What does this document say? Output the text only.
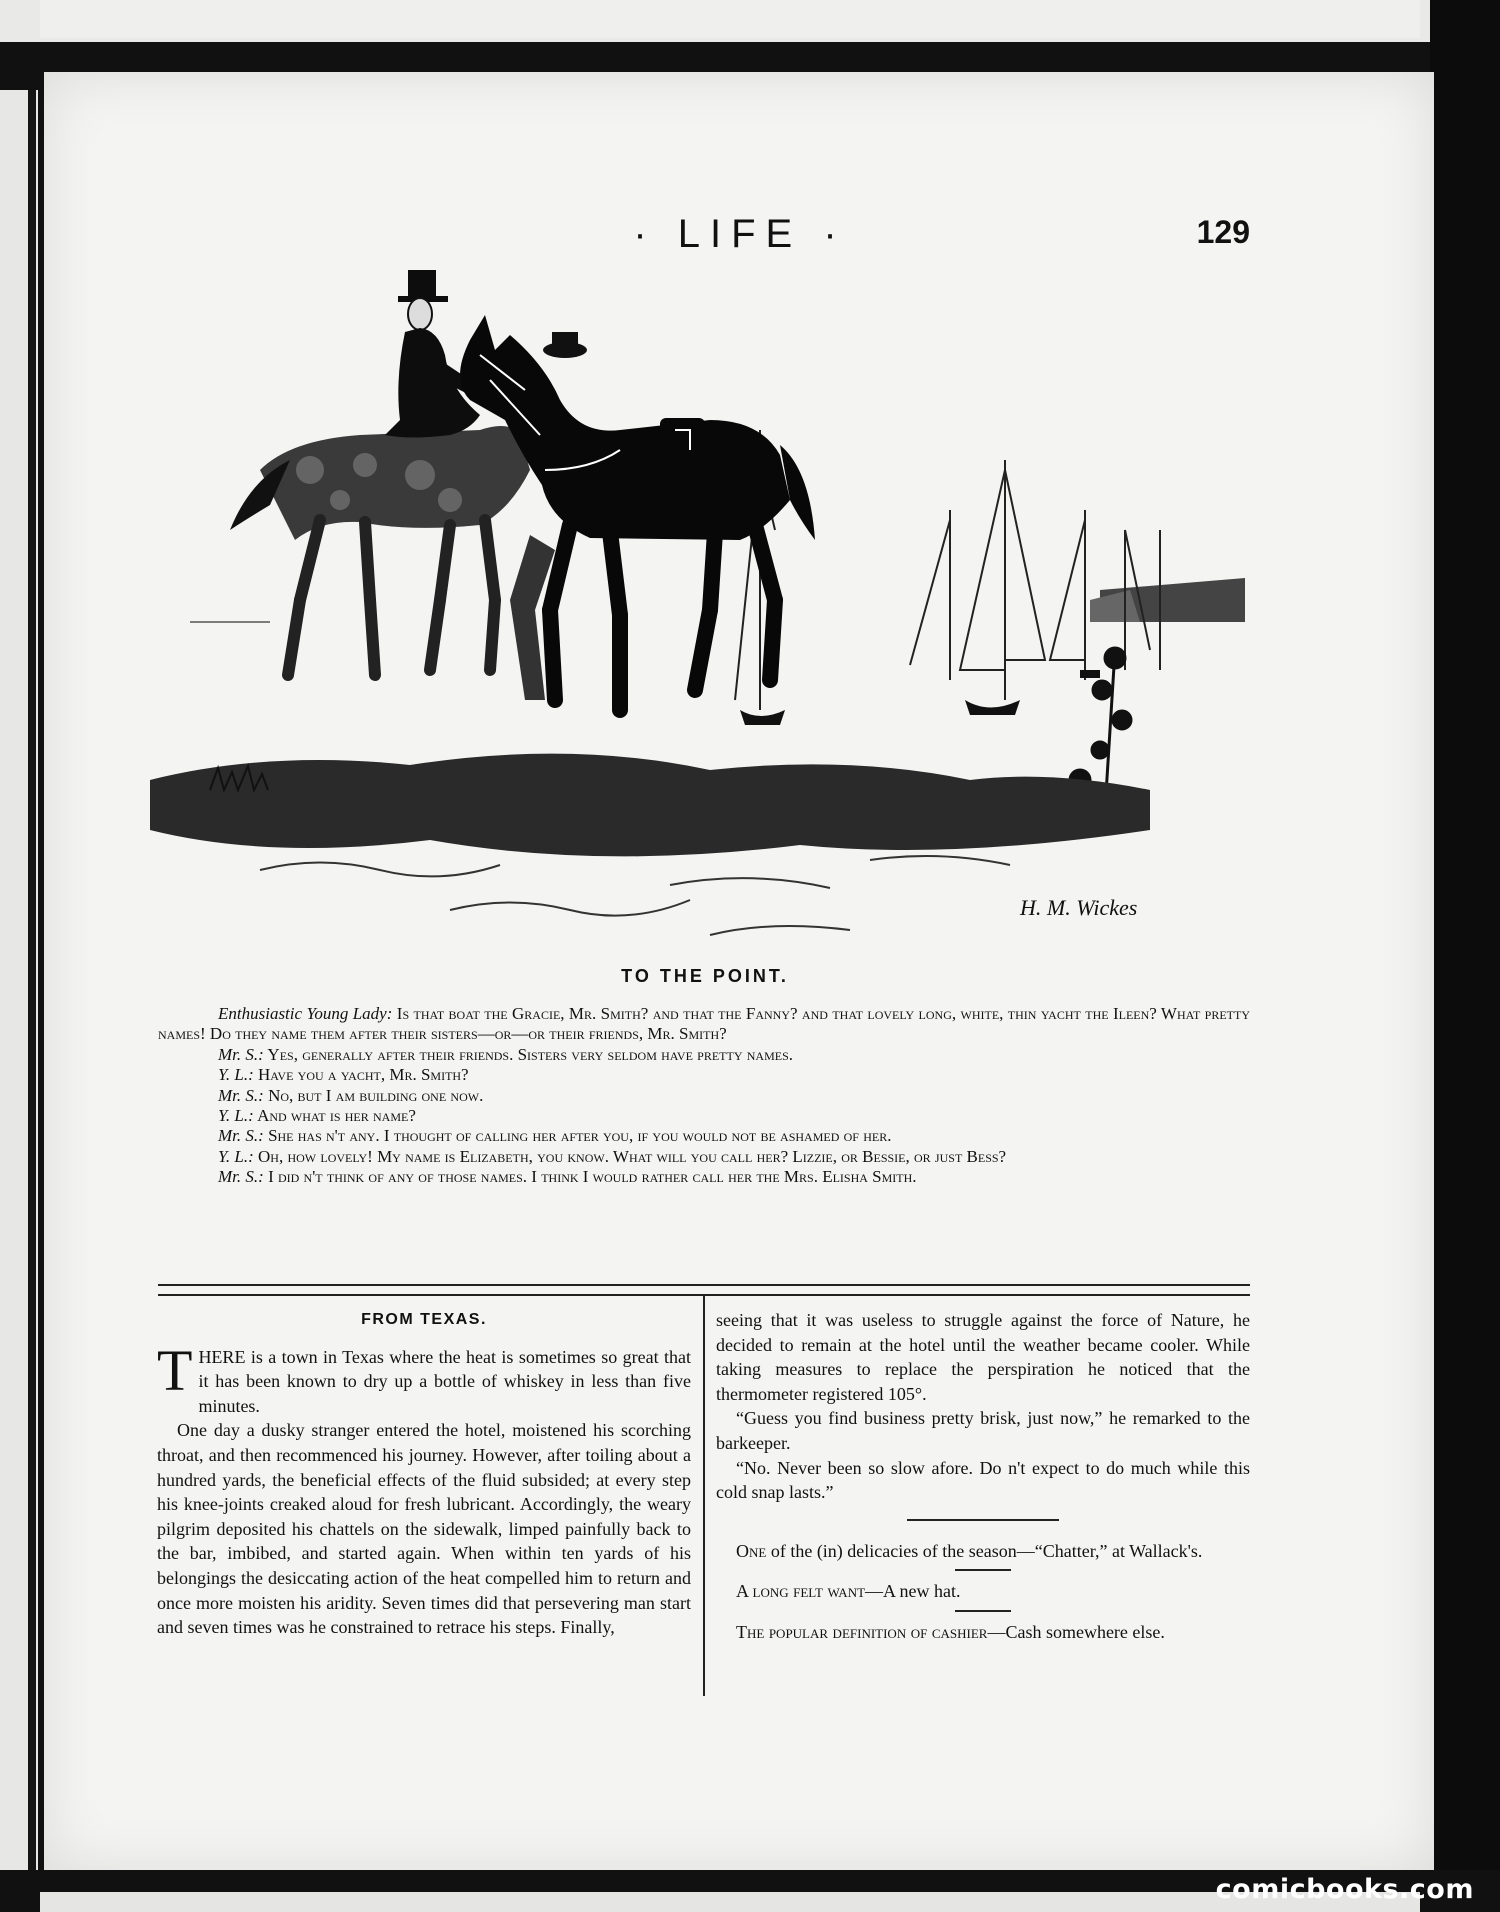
· LIFE ·	129
H. M. Wickes
TO THE POINT.

Enthusiastic Young Lady: Is that boat the Gracie, Mr. Smith? and that the Fanny? and that lovely long, white, thin yacht the Ileen? What pretty names! Do they name them after their sisters—or—or their friends, Mr. Smith?

Mr. S.: Yes, generally after their friends. Sisters very seldom have pretty names.

Y. L.: Have you a yacht, Mr. Smith?

Mr. S.: No, but I am building one now.

Y. L.: And what is her name?

Mr. S.: She has n't any. I thought of calling her after you, if you would not be ashamed of her.

Y. L.: Oh, how lovely! My name is Elizabeth, you know. What will you call her? Lizzie, or Bessie, or just Bess?

Mr. S.: I did n't think of any of those names. I think I would rather call her the Mrs. Elisha Smith.

FROM TEXAS.

THERE is a town in Texas where the heat is sometimes so great that it has been known to dry up a bottle of whiskey in less than five minutes.

One day a dusky stranger entered the hotel, moistened his scorching throat, and then recommenced his journey. However, after toiling about a hundred yards, the beneficial effects of the fluid subsided; at every step his knee-joints creaked aloud for fresh lubricant. Accordingly, the weary pilgrim deposited his chattels on the sidewalk, limped painfully back to the bar, imbibed, and started again. When within ten yards of his belongings the desiccating action of the heat compelled him to return and once more moisten his aridity. Seven times did that persevering man start and seven times was he constrained to retrace his steps. Finally,

seeing that it was useless to struggle against the force of Nature, he decided to remain at the hotel until the weather became cooler. While taking measures to replace the perspiration he noticed that the thermometer registered 105°.

“Guess you find business pretty brisk, just now,” he remarked to the barkeeper.

“No. Never been so slow afore. Do n't expect to do much while this cold snap lasts.”

One of the (in) delicacies of the season—“Chatter,” at Wallack's.

A long felt want—A new hat.

The popular definition of cashier—Cash somewhere else.

comicbooks.com
